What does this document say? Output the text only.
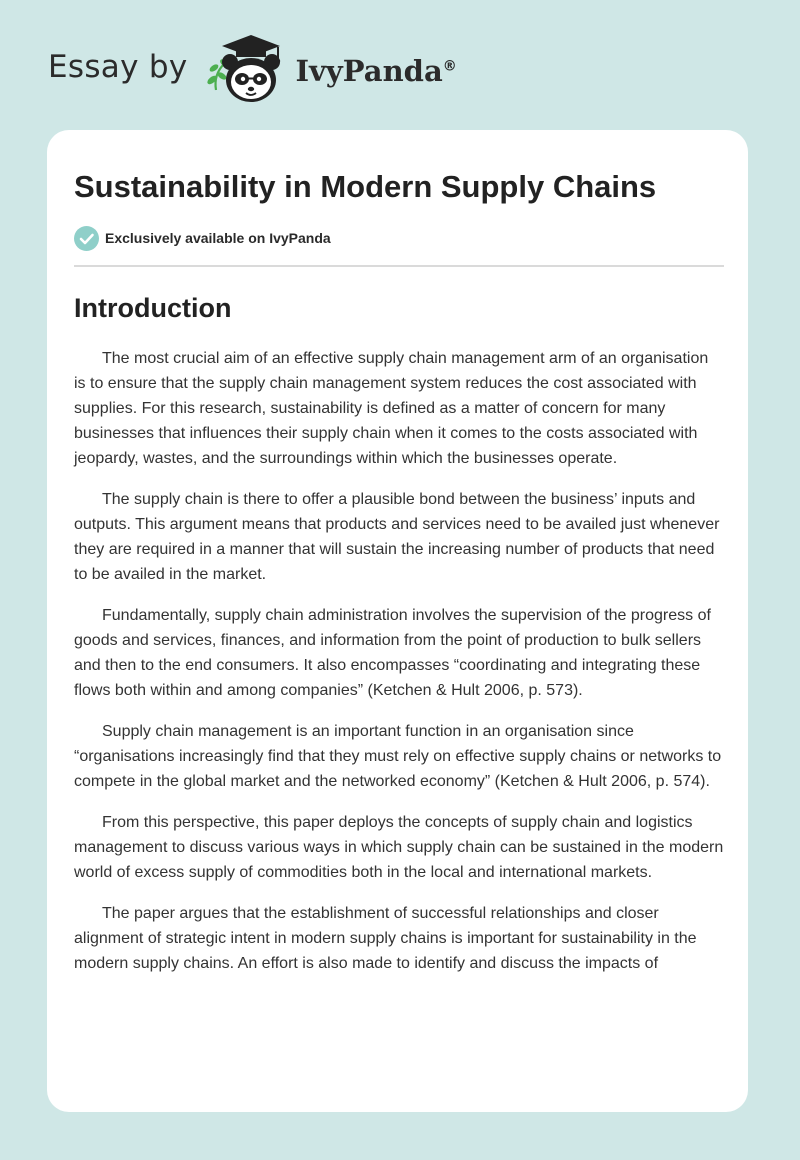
Essay by	IvyPanda®
Sustainability in Modern Supply Chains
Exclusively available on IvyPanda
Introduction

The most crucial aim of an effective supply chain management arm of an organisation is to ensure that the supply chain management system reduces the cost associated with supplies. For this research, sustainability is defined as a matter of concern for many businesses that influences their supply chain when it comes to the costs associated with jeopardy, wastes, and the surroundings within which the businesses operate.

The supply chain is there to offer a plausible bond between the business’ inputs and outputs. This argument means that products and services need to be availed just whenever they are required in a manner that will sustain the increasing number of products that need to be availed in the market.

Fundamentally, supply chain administration involves the supervision of the progress of goods and services, finances, and information from the point of production to bulk sellers and then to the end consumers. It also encompasses “coordinating and integrating these flows both within and among companies” (Ketchen & Hult 2006, p. 573).

Supply chain management is an important function in an organisation since “organisations increasingly find that they must rely on effective supply chains or networks to compete in the global market and the networked economy” (Ketchen & Hult 2006, p. 574).

From this perspective, this paper deploys the concepts of supply chain and logistics management to discuss various ways in which supply chain can be sustained in the modern world of excess supply of commodities both in the local and international markets.

The paper argues that the establishment of successful relationships and closer alignment of strategic intent in modern supply chains is important for sustainability in the modern supply chains. An effort is also made to identify and discuss the impacts of
